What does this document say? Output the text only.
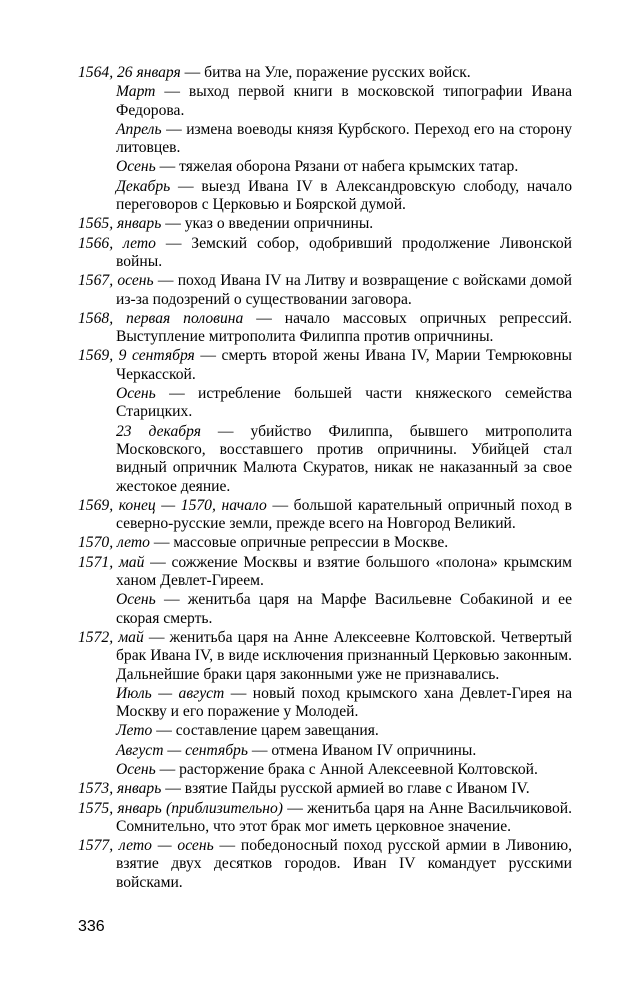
1564, 26 января — битва на Уле, поражение русских войск.

Март — выход первой книги в московской типографии Ивана Федорова.

Апрель — измена воеводы князя Курбского. Переход его на сторону литовцев.

Осень — тяжелая оборона Рязани от набега крымских татар.

Декабрь — выезд Ивана IV в Александровскую слободу, начало переговоров с Церковью и Боярской думой.

1565, январь — указ о введении опричнины.

1566, лето — Земский собор, одобривший продолжение Ливонской войны.

1567, осень — поход Ивана IV на Литву и возвращение с войсками домой из-за подозрений о существовании заговора.

1568, первая половина — начало массовых опричных репрессий. Выступление митрополита Филиппа против опричнины.

1569, 9 сентября — смерть второй жены Ивана IV, Марии Темрюковны Черкасской.

Осень — истребление большей части княжеского семейства Старицких.

23 декабря — убийство Филиппа, бывшего митрополита Московского, восставшего против опричнины. Убийцей стал видный опричник Малюта Скуратов, никак не наказанный за свое жестокое деяние.

1569, конец — 1570, начало — большой карательный опричный поход в северно-русские земли, прежде всего на Новгород Великий.

1570, лето — массовые опричные репрессии в Москве.

1571, май — сожжение Москвы и взятие большого «полона» крымским ханом Девлет-Гиреем.

Осень — женитьба царя на Марфе Васильевне Собакиной и ее скорая смерть.

1572, май — женитьба царя на Анне Алексеевне Колтовской. Четвертый брак Ивана IV, в виде исключения признанный Церковью законным. Дальнейшие браки царя законными уже не признавались.

Июль — август — новый поход крымского хана Девлет-Гирея на Москву и его поражение у Молодей.

Лето — составление царем завещания.

Август — сентябрь — отмена Иваном IV опричнины.

Осень — расторжение брака с Анной Алексеевной Колтовской.

1573, январь — взятие Пайды русской армией во главе с Иваном IV.

1575, январь (приблизительно) — женитьба царя на Анне Васильчиковой. Сомнительно, что этот брак мог иметь церковное значение.

1577, лето — осень — победоносный поход русской армии в Ливонию, взятие двух десятков городов. Иван IV командует русскими войсками.

336
